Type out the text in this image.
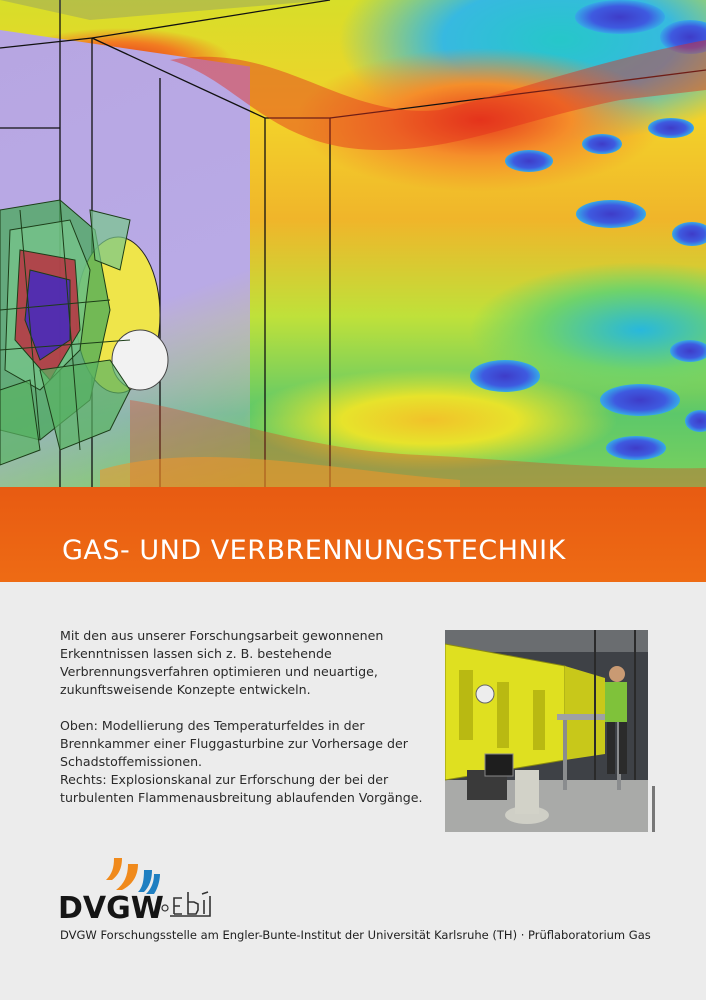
GAS- UND VERBRENNUNGSTECHNIK

Mit den aus unserer Forschungsarbeit gewonnenen Erkenntnissen lassen sich z. B. bestehende Verbrennungsverfahren optimieren und neuartige, zukunftsweisende Konzepte entwickeln.

Oben: Modellierung des Temperaturfeldes in der Brennkammer einer Fluggasturbine zur Vorhersage der Schadstoffemissionen.

Rechts: Explosionskanal zur Erforschung der bei der turbulenten Flammenausbreitung ablaufenden Vorgänge.

DVGW
ebi
DVGW Forschungsstelle am Engler-Bunte-Institut der Universität Karlsruhe (TH) · Prüflaboratorium Gas
